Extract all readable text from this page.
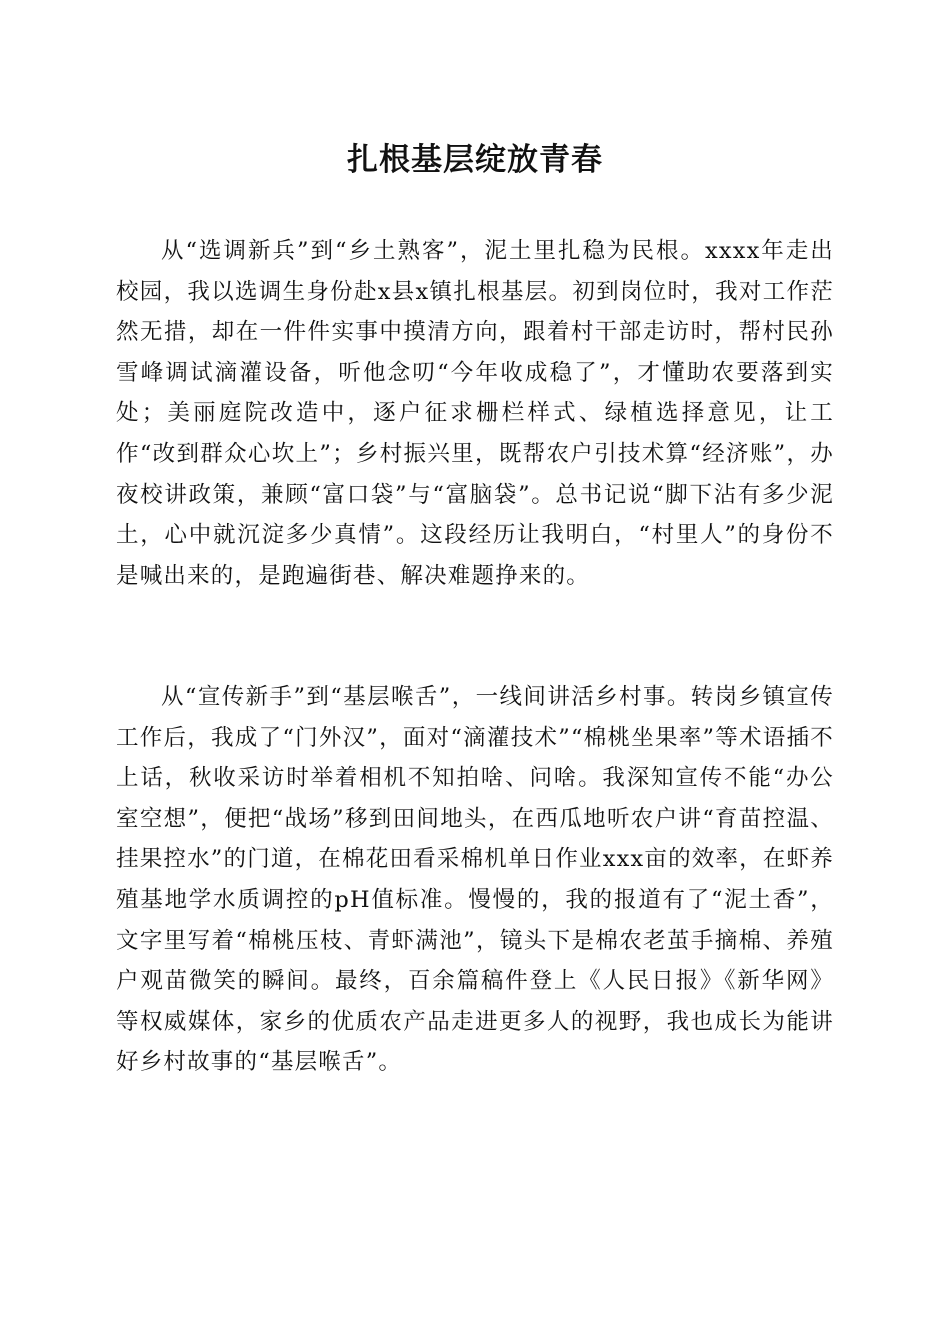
扎根基层绽放青春

从“选调新兵”到“乡土熟客”，泥土里扎稳为民根。xxxx年走出校园，我以选调生身份赴x县x镇扎根基层。初到岗位时，我对工作茫然无措，却在一件件实事中摸清方向，跟着村干部走访时，帮村民孙雪峰调试滴灌设备，听他念叨“今年收成稳了”，才懂助农要落到实处；美丽庭院改造中，逐户征求栅栏样式、绿植选择意见，让工作“改到群众心坎上”；乡村振兴里，既帮农户引技术算“经济账”，办夜校讲政策，兼顾“富口袋”与“富脑袋”。总书记说“脚下沾有多少泥土，心中就沉淀多少真情”。这段经历让我明白，“村里人”的身份不是喊出来的，是跑遍街巷、解决难题挣来的。

从“宣传新手”到“基层喉舌”，一线间讲活乡村事。转岗乡镇宣传工作后，我成了“门外汉”，面对“滴灌技术”“棉桃坐果率”等术语插不上话，秋收采访时举着相机不知拍啥、问啥。我深知宣传不能“办公室空想”，便把“战场”移到田间地头，在西瓜地听农户讲“育苗控温、挂果控水”的门道，在棉花田看采棉机单日作业xxx亩的效率，在虾养殖基地学水质调控的pH值标准。慢慢的，我的报道有了“泥土香”，文字里写着“棉桃压枝、青虾满池”，镜头下是棉农老茧手摘棉、养殖户观苗微笑的瞬间。最终，百余篇稿件登上《人民日报》《新华网》等权威媒体，家乡的优质农产品走进更多人的视野，我也成长为能讲好乡村故事的“基层喉舌”。
